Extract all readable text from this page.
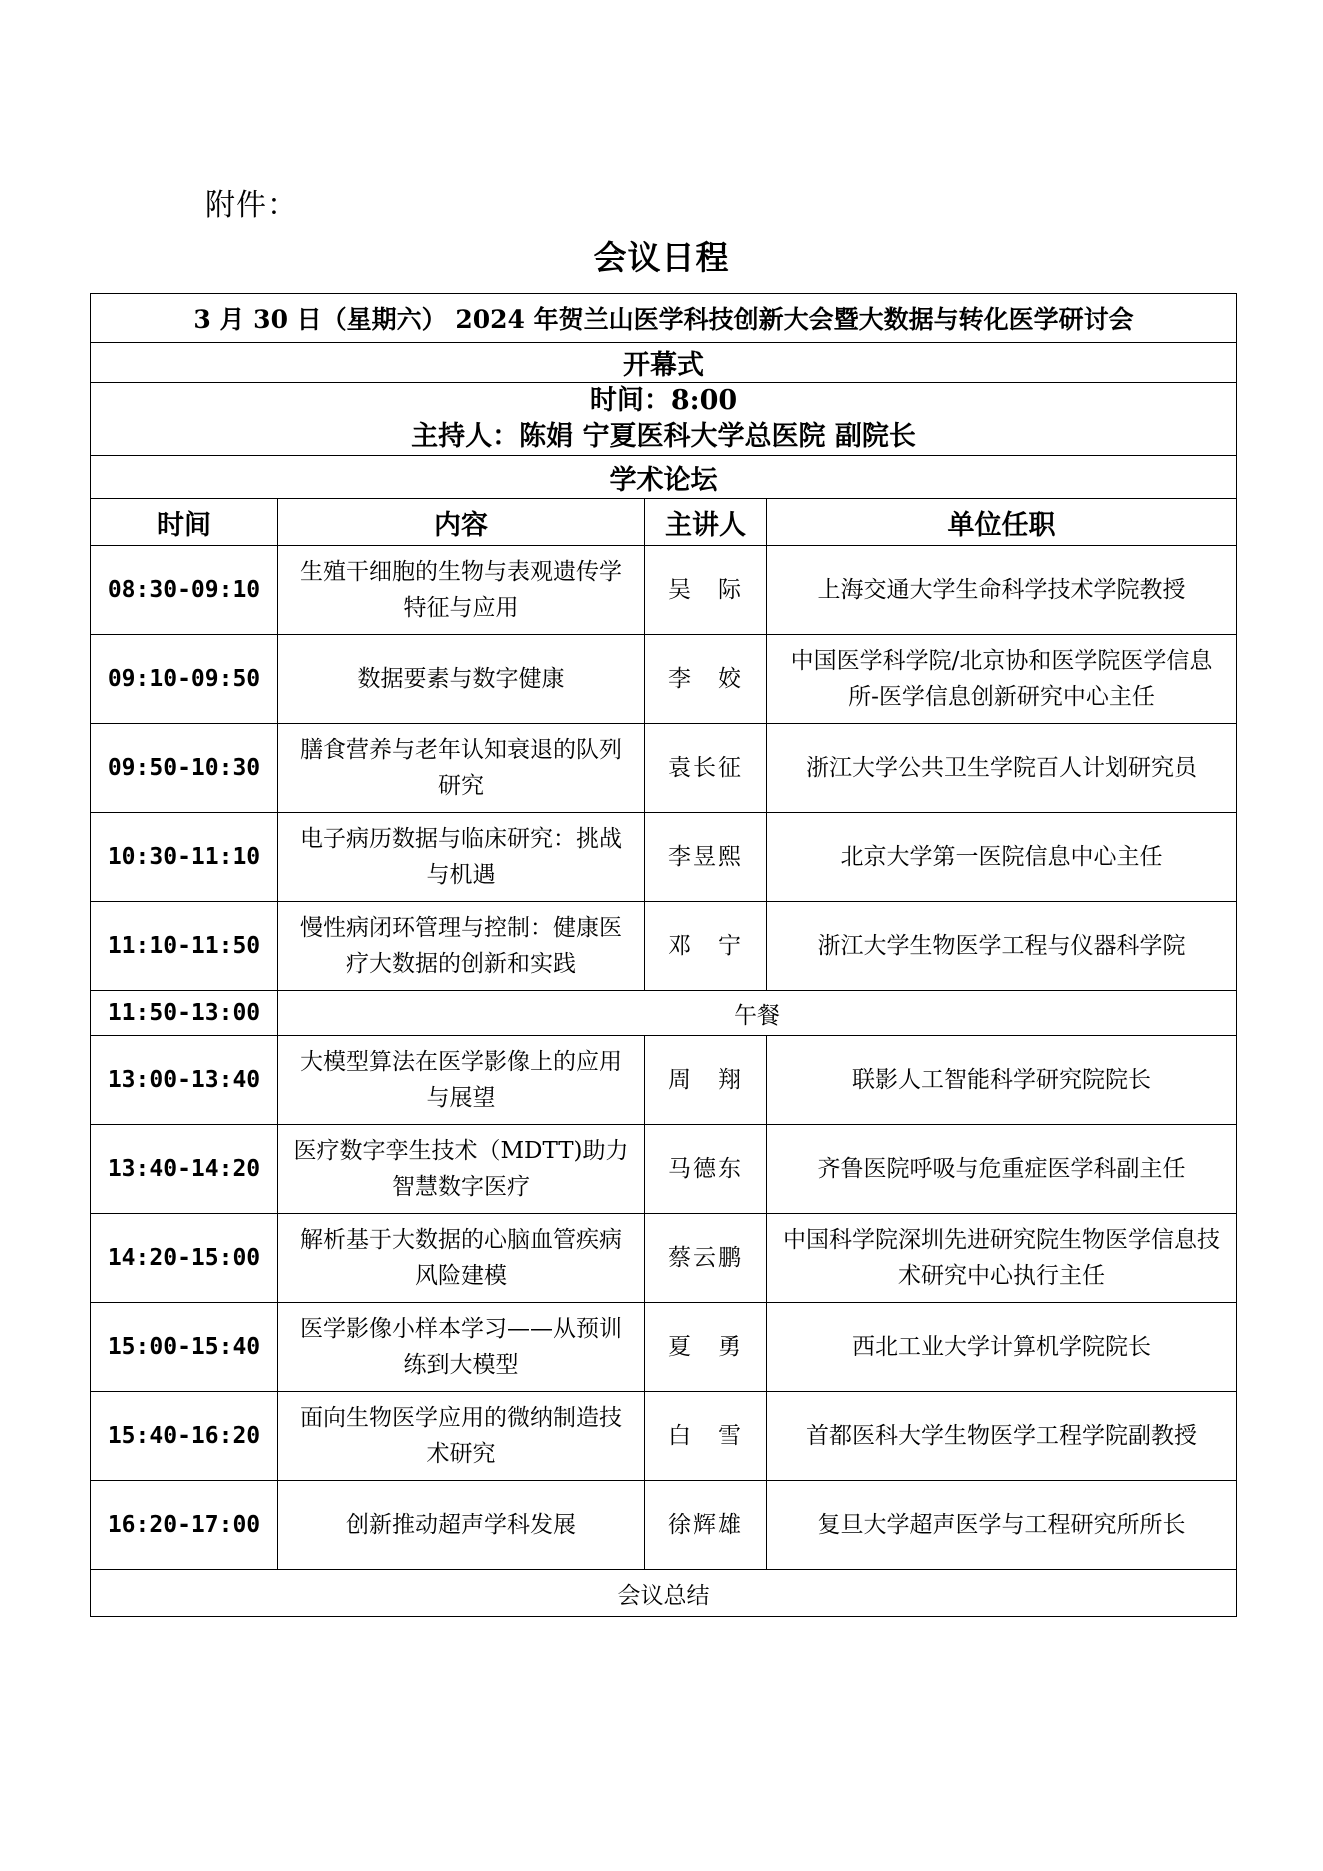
附件：
会议日程
3 月 30 日（星期六） 2024 年贺兰山医学科技创新大会暨大数据与转化医学研讨会			
开幕式			

时间：8:00
主持人：陈娟 宁夏医科大学总医院 副院长			

学术论坛			
时间	内容	主讲人	单位任职
08:30-09:10	生殖干细胞的生物与表观遗传学特征与应用	吴　际	上海交通大学生命科学技术学院教授
09:10-09:50	数据要素与数字健康	李　姣	中国医学科学院/北京协和医学院医学信息所-医学信息创新研究中心主任
09:50-10:30	膳食营养与老年认知衰退的队列研究	袁长征	浙江大学公共卫生学院百人计划研究员
10:30-11:10	电子病历数据与临床研究：挑战与机遇	李昱熙	北京大学第一医院信息中心主任
11:10-11:50	慢性病闭环管理与控制：健康医疗大数据的创新和实践	邓　宁	浙江大学生物医学工程与仪器科学院
11:50-13:00	午餐		
13:00-13:40	大模型算法在医学影像上的应用与展望	周　翔	联影人工智能科学研究院院长
13:40-14:20	医疗数字孪生技术（MDTT)助力智慧数字医疗	马德东	齐鲁医院呼吸与危重症医学科副主任
14:20-15:00	解析基于大数据的心脑血管疾病风险建模	蔡云鹏	中国科学院深圳先进研究院生物医学信息技术研究中心执行主任
15:00-15:40	医学影像小样本学习——从预训练到大模型	夏　勇	西北工业大学计算机学院院长
15:40-16:20	面向生物医学应用的微纳制造技术研究	白　雪	首都医科大学生物医学工程学院副教授
16:20-17:00	创新推动超声学科发展	徐辉雄	复旦大学超声医学与工程研究所所长
会议总结			
